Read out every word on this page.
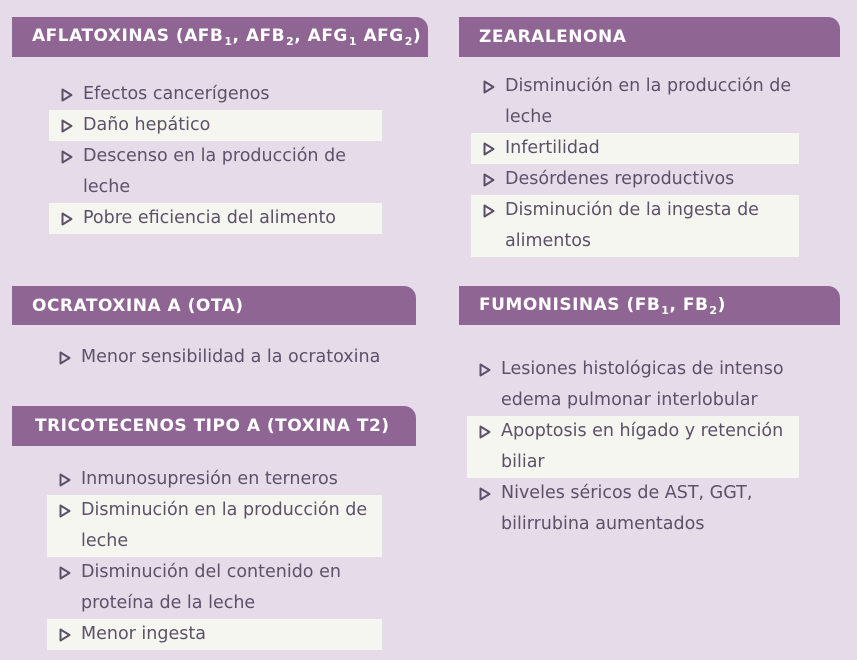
AFLATOXINAS ($AFB_1$, $AFB_2$, $AFG_1$ $AFG_2$)
Efectos cancerígenos
Daño hepático
Descenso en la producción de leche
Pobre eficiencia del alimento
ZEARALENONA
Disminución en la producción de leche
Infertilidad
Desórdenes reproductivos
Disminución de la ingesta de alimentos
OCRATOXINA A (OTA)
Menor sensibilidad a la ocratoxina
FUMONISINAS ($FB_1$, $FB_2$)
Lesiones histológicas de intenso edema pulmonar interlobular
Apoptosis en hígado y retención biliar
Niveles séricos de AST, GGT, bilirrubina aumentados
TRICOTECENOS TIPO A (TOXINA T2)
Inmunosupresión en terneros
Disminución en la producción de leche
Disminución del contenido en proteína de la leche
Menor ingesta
